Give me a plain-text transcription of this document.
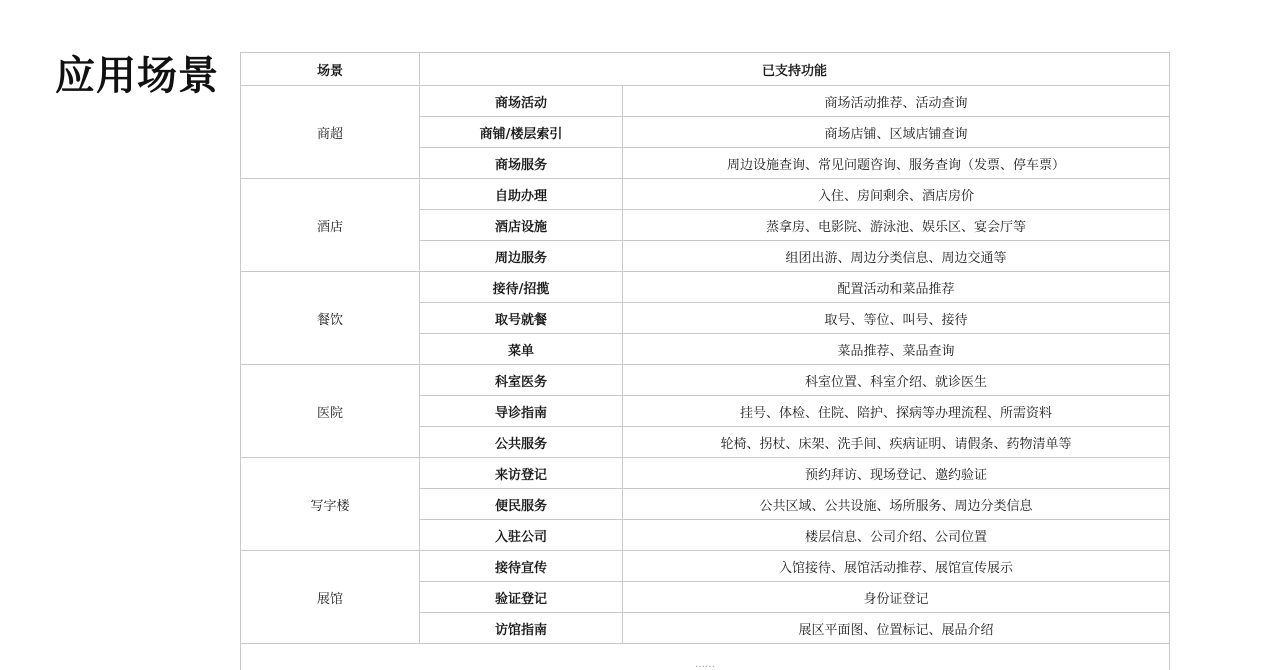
应用场景	场景	已支持功能	
商超	商场活动	商场活动推荐、活动查询
	商铺/楼层索引	商场店铺、区域店铺查询
	商场服务	周边设施查询、常见问题咨询、服务查询（发票、停车票）
酒店	自助办理	入住、房间剩余、酒店房价
	酒店设施	蒸拿房、电影院、游泳池、娱乐区、宴会厅等
	周边服务	组团出游、周边分类信息、周边交通等
餐饮	接待/招揽	配置活动和菜品推荐
	取号就餐	取号、等位、叫号、接待
	菜单	菜品推荐、菜品查询
医院	科室医务	科室位置、科室介绍、就诊医生
	导诊指南	挂号、体检、住院、陪护、探病等办理流程、所需资料
	公共服务	轮椅、拐杖、床架、洗手间、疾病证明、请假条、药物清单等
写字楼	来访登记	预约拜访、现场登记、邀约验证
	便民服务	公共区域、公共设施、场所服务、周边分类信息
	入驻公司	楼层信息、公司介绍、公司位置
展馆	接待宣传	入馆接待、展馆活动推荐、展馆宣传展示
	验证登记	身份证登记
	访馆指南	展区平面图、位置标记、展品介绍
……		
